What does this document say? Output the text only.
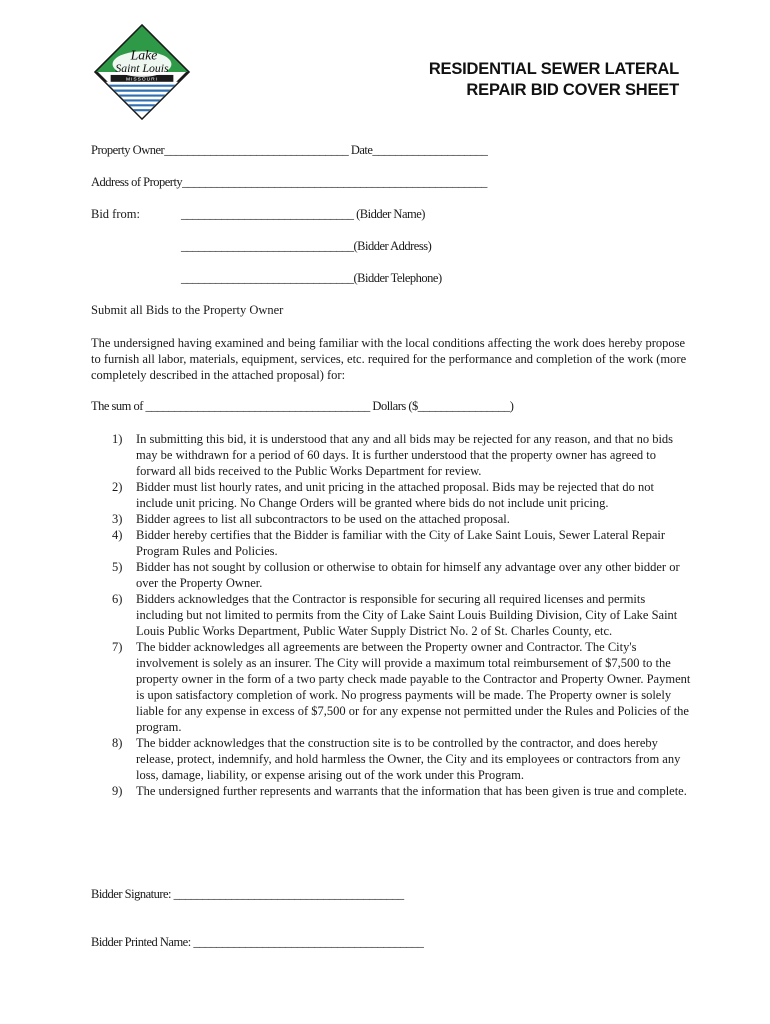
Lake
Saint Louis
MISSOURI
RESIDENTIAL SEWER LATERAL
REPAIR BID COVER SHEET
Property Owner________________________________ Date____________________
Address of Property_____________________________________________________
Bid from:	______________________________ (Bidder Name)
______________________________(Bidder Address)
______________________________(Bidder Telephone)
Submit all Bids to the Property Owner
The undersigned having examined and being familiar with the local conditions affecting the work does hereby propose to furnish all labor, materials, equipment, services, etc. required for the performance and completion of the work (more completely described in the attached proposal) for:
The sum of _______________________________________ Dollars ($________________)
1) In submitting this bid, it is understood that any and all bids may be rejected for any reason, and that no bids may be withdrawn for a period of 60 days. It is further understood that the property owner has agreed to forward all bids received to the Public Works Department for review.
2) Bidder must list hourly rates, and unit pricing in the attached proposal. Bids may be rejected that do not include unit pricing. No Change Orders will be granted where bids do not include unit pricing.
3) Bidder agrees to list all subcontractors to be used on the attached proposal.
4) Bidder hereby certifies that the Bidder is familiar with the City of Lake Saint Louis, Sewer Lateral Repair Program Rules and Policies.
5) Bidder has not sought by collusion or otherwise to obtain for himself any advantage over any other bidder or over the Property Owner.
6) Bidders acknowledges that the Contractor is responsible for securing all required licenses and permits including but not limited to permits from the City of Lake Saint Louis Building Division, City of Lake Saint Louis Public Works Department, Public Water Supply District No. 2 of St. Charles County, etc.
7) The bidder acknowledges all agreements are between the Property owner and Contractor. The City's involvement is solely as an insurer. The City will provide a maximum total reimbursement of $7,500 to the property owner in the form of a two party check made payable to the Contractor and Property Owner. Payment is upon satisfactory completion of work. No progress payments will be made. The Property owner is solely liable for any expense in excess of $7,500 or for any expense not permitted under the Rules and Policies of the program.
8) The bidder acknowledges that the construction site is to be controlled by the contractor, and does hereby release, protect, indemnify, and hold harmless the Owner, the City and its employees or contractors from any loss, damage, liability, or expense arising out of the work under this Program.
9) The undersigned further represents and warrants that the information that has been given is true and complete.
Bidder Signature: ________________________________________
Bidder Printed Name: ________________________________________
